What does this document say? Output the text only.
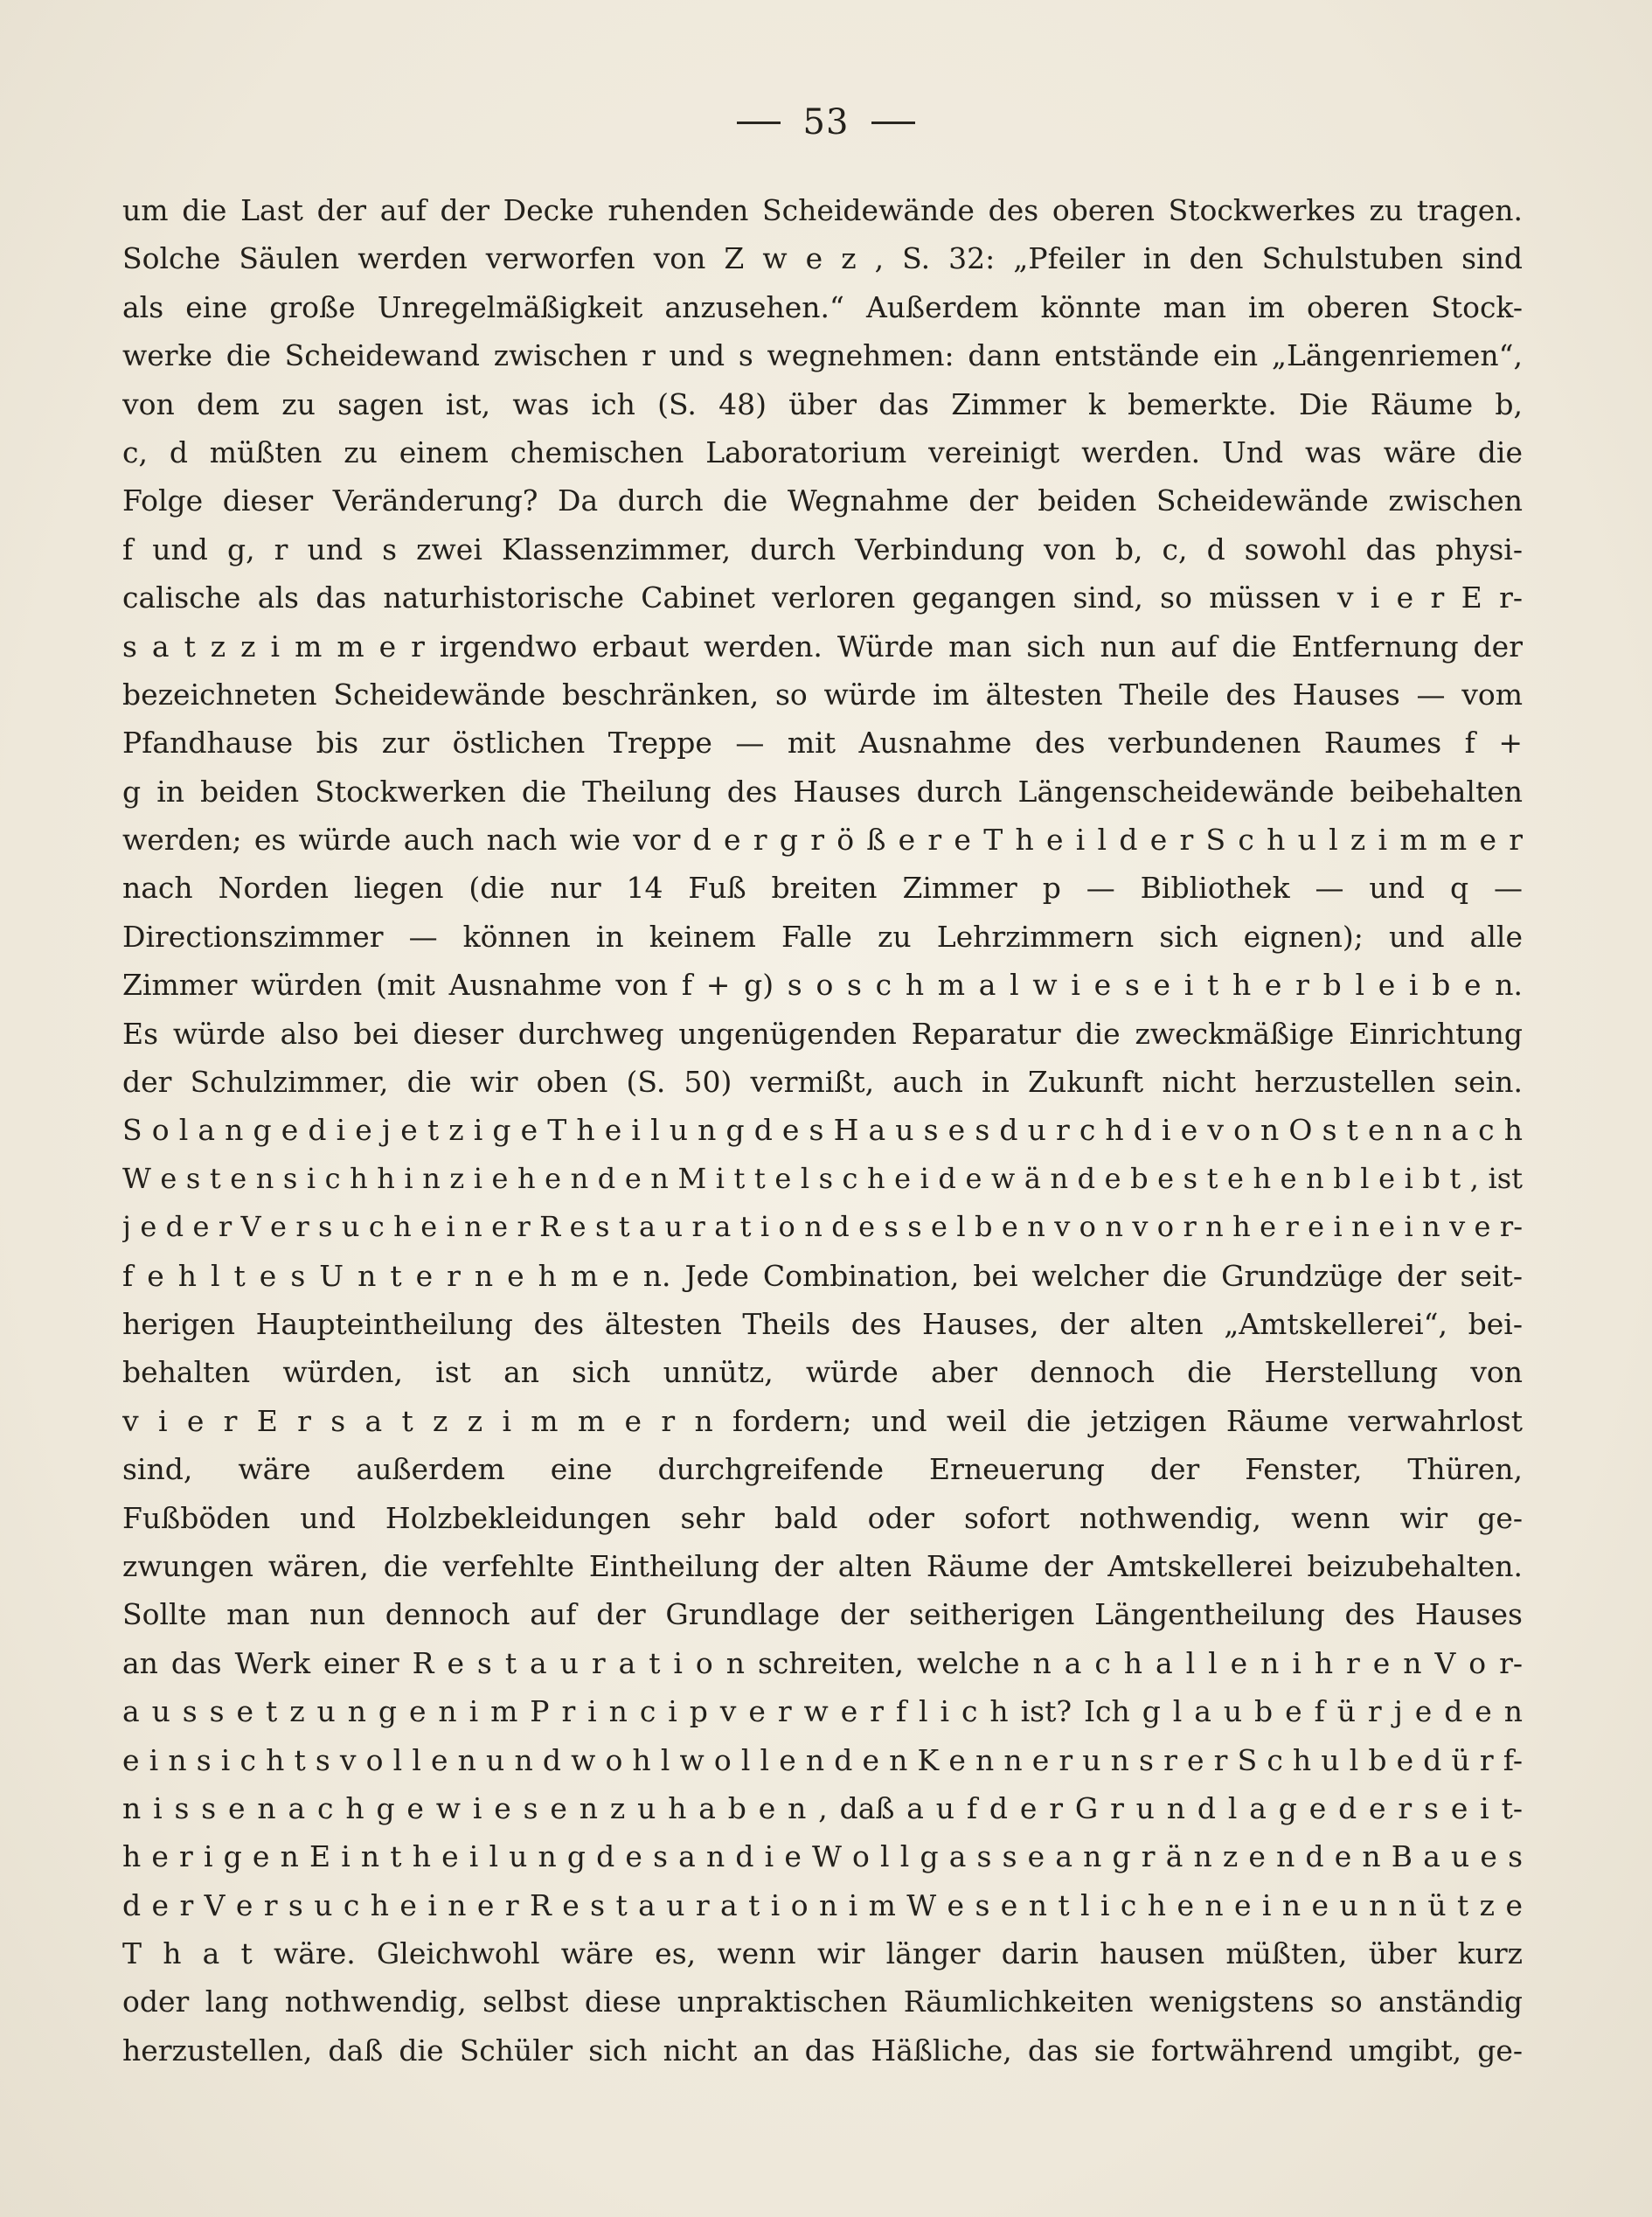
53
um die Last der auf der Decke ruhenden Scheidewände des oberen Stockwerkes zu tragen.
Solche Säulen werden verworfen von Z w e z , S. 32: „Pfeiler in den Schulstuben sind
als eine große Unregelmäßigkeit anzusehen.“ Außerdem könnte man im oberen Stock-
werke die Scheidewand zwischen r und s wegnehmen: dann entstände ein „Längenriemen“,
von dem zu sagen ist, was ich (S. 48) über das Zimmer k bemerkte. Die Räume b,
c, d müßten zu einem chemischen Laboratorium vereinigt werden. Und was wäre die
Folge dieser Veränderung? Da durch die Wegnahme der beiden Scheidewände zwischen
f und g, r und s zwei Klassenzimmer, durch Verbindung von b, c, d sowohl das physi-
calische als das naturhistorische Cabinet verloren gegangen sind, so müssen v i e r E r-
s a t z z i m m e r irgendwo erbaut werden. Würde man sich nun auf die Entfernung der
bezeichneten Scheidewände beschränken, so würde im ältesten Theile des Hauses — vom
Pfandhause bis zur östlichen Treppe — mit Ausnahme des verbundenen Raumes f +
g in beiden Stockwerken die Theilung des Hauses durch Längenscheidewände beibehalten
werden; es würde auch nach wie vor d e r g r ö ß e r e T h e i l d e r S c h u l z i m m e r
nach Norden liegen (die nur 14 Fuß breiten Zimmer p — Bibliothek — und q —
Directionszimmer — können in keinem Falle zu Lehrzimmern sich eignen); und alle
Zimmer würden (mit Ausnahme von f + g) s o s c h m a l w i e s e i t h e r b l e i b e n.
Es würde also bei dieser durchweg ungenügenden Reparatur die zweckmäßige Einrichtung
der Schulzimmer, die wir oben (S. 50) vermißt, auch in Zukunft nicht herzustellen sein.
S o l a n g e d i e j e t z i g e T h e i l u n g d e s H a u s e s d u r c h d i e v o n O s t e n n a c h
W e s t e n s i c h h i n z i e h e n d e n M i t t e l s c h e i d e w ä n d e b e s t e h e n b l e i b t , ist
j e d e r V e r s u c h e i n e r R e s t a u r a t i o n d e s s e l b e n v o n v o r n h e r e i n e i n v e r-
f e h l t e s U n t e r n e h m e n. Jede Combination, bei welcher die Grundzüge der seit-
herigen Haupteintheilung des ältesten Theils des Hauses, der alten „Amtskellerei“, bei-
behalten würden, ist an sich unnütz, würde aber dennoch die Herstellung von
v i e r E r s a t z z i m m e r n fordern; und weil die jetzigen Räume verwahrlost
sind, wäre außerdem eine durchgreifende Erneuerung der Fenster, Thüren,
Fußböden und Holzbekleidungen sehr bald oder sofort nothwendig, wenn wir ge-
zwungen wären, die verfehlte Eintheilung der alten Räume der Amtskellerei beizubehalten.
Sollte man nun dennoch auf der Grundlage der seitherigen Längentheilung des Hauses
an das Werk einer R e s t a u r a t i o n schreiten, welche n a c h a l l e n i h r e n V o r-
a u s s e t z u n g e n i m P r i n c i p v e r w e r f l i c h ist? Ich g l a u b e f ü r j e d e n
e i n s i c h t s v o l l e n u n d w o h l w o l l e n d e n K e n n e r u n s r e r S c h u l b e d ü r f-
n i s s e n a c h g e w i e s e n z u h a b e n , daß a u f d e r G r u n d l a g e d e r s e i t-
h e r i g e n E i n t h e i l u n g d e s a n d i e W o l l g a s s e a n g r ä n z e n d e n B a u e s
d e r V e r s u c h e i n e r R e s t a u r a t i o n i m W e s e n t l i c h e n e i n e u n n ü t z e
T h a t wäre. Gleichwohl wäre es, wenn wir länger darin hausen müßten, über kurz
oder lang nothwendig, selbst diese unpraktischen Räumlichkeiten wenigstens so anständig
herzustellen, daß die Schüler sich nicht an das Häßliche, das sie fortwährend umgibt, ge-
